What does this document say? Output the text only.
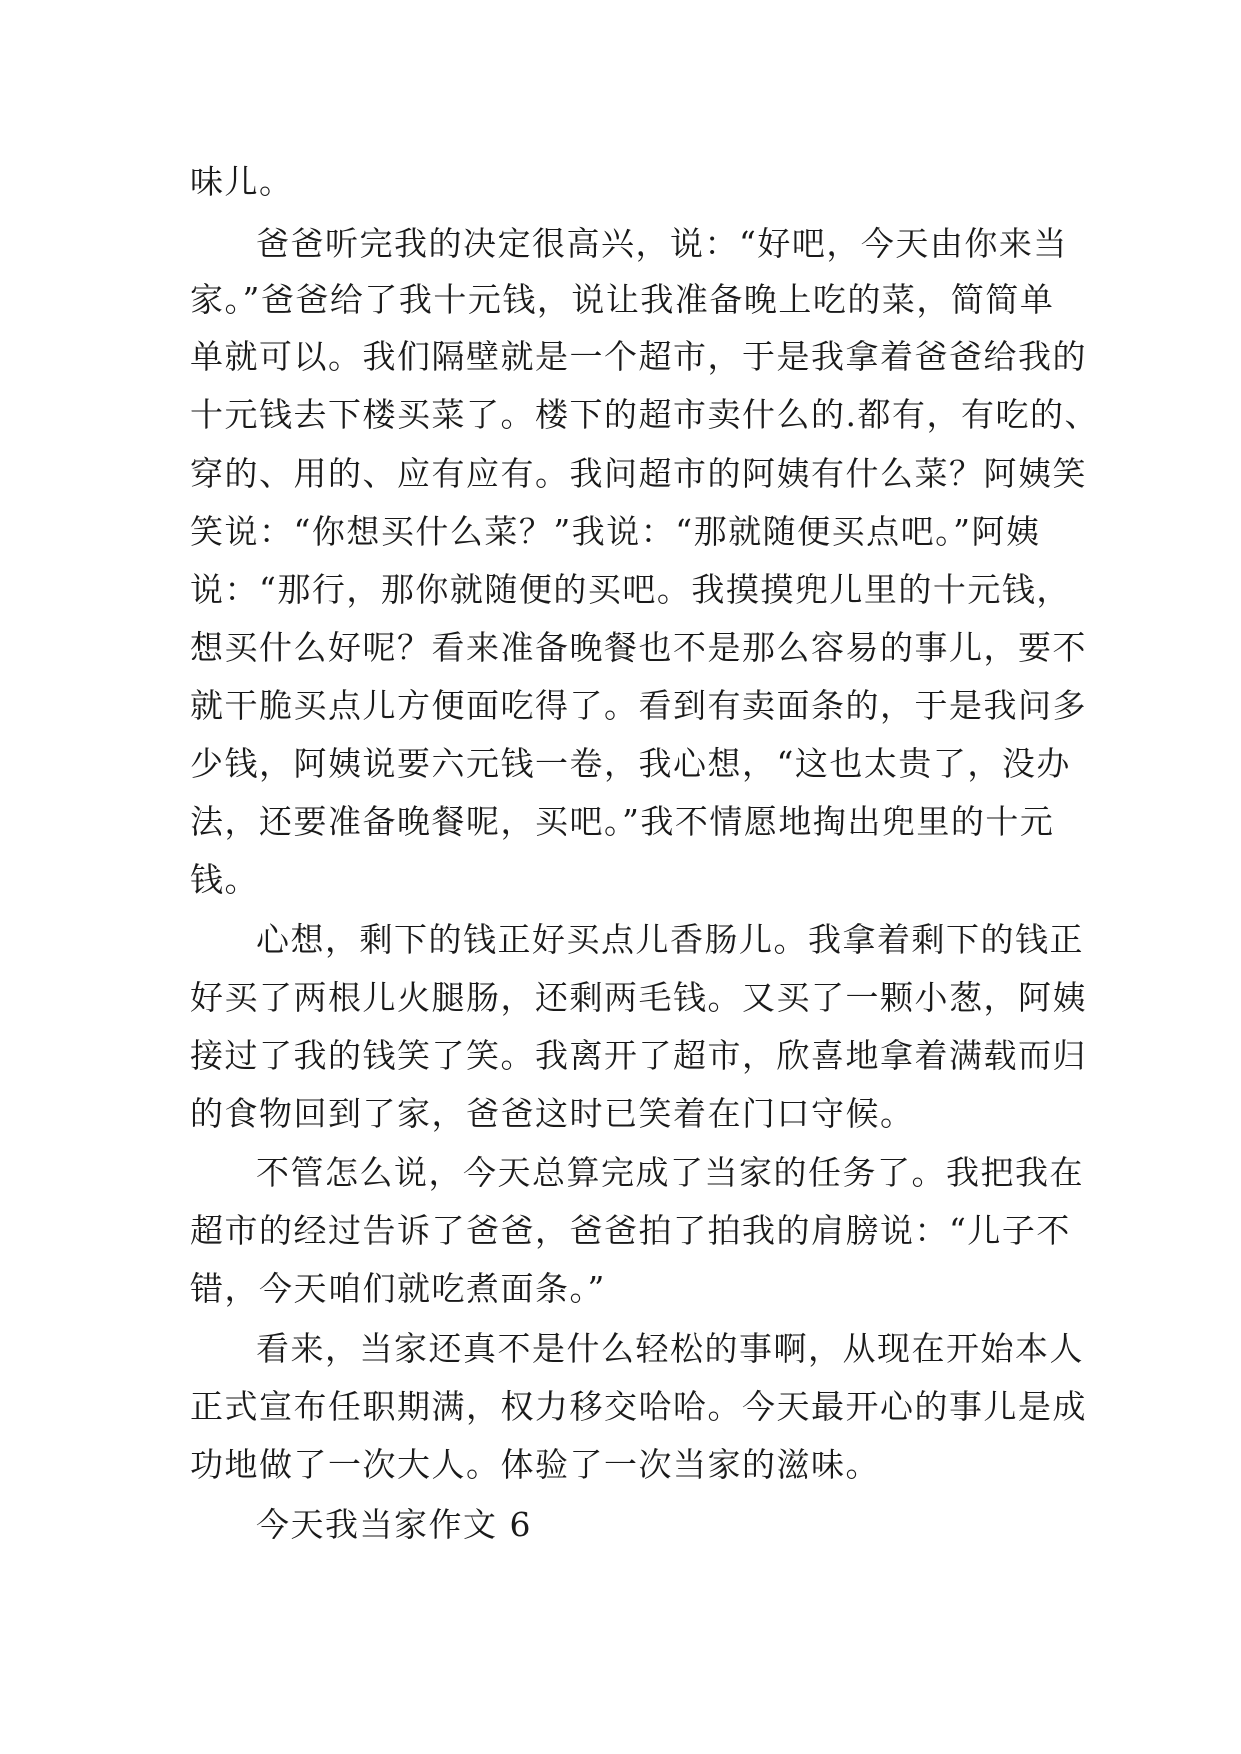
味儿。

爸爸听完我的决定很高兴，说：“好吧，今天由你来当

家。”爸爸给了我十元钱，说让我准备晚上吃的菜，简简单

单就可以。我们隔壁就是一个超市，于是我拿着爸爸给我的

十元钱去下楼买菜了。楼下的超市卖什么的.都有，有吃的、

穿的、用的、应有应有。我问超市的阿姨有什么菜？阿姨笑

笑说：“你想买什么菜？”我说：“那就随便买点吧。”阿姨

说：“那行，那你就随便的买吧。我摸摸兜儿里的十元钱，

想买什么好呢？看来准备晚餐也不是那么容易的事儿，要不

就干脆买点儿方便面吃得了。看到有卖面条的，于是我问多

少钱，阿姨说要六元钱一卷，我心想，“这也太贵了，没办

法，还要准备晚餐呢，买吧。”我不情愿地掏出兜里的十元

钱。

心想，剩下的钱正好买点儿香肠儿。我拿着剩下的钱正

好买了两根儿火腿肠，还剩两毛钱。又买了一颗小葱，阿姨

接过了我的钱笑了笑。我离开了超市，欣喜地拿着满载而归

的食物回到了家，爸爸这时已笑着在门口守候。

不管怎么说，今天总算完成了当家的任务了。我把我在

超市的经过告诉了爸爸，爸爸拍了拍我的肩膀说：“儿子不

错，今天咱们就吃煮面条。”

看来，当家还真不是什么轻松的事啊，从现在开始本人

正式宣布任职期满，权力移交哈哈。今天最开心的事儿是成

功地做了一次大人。体验了一次当家的滋味。

今天我当家作文 6
